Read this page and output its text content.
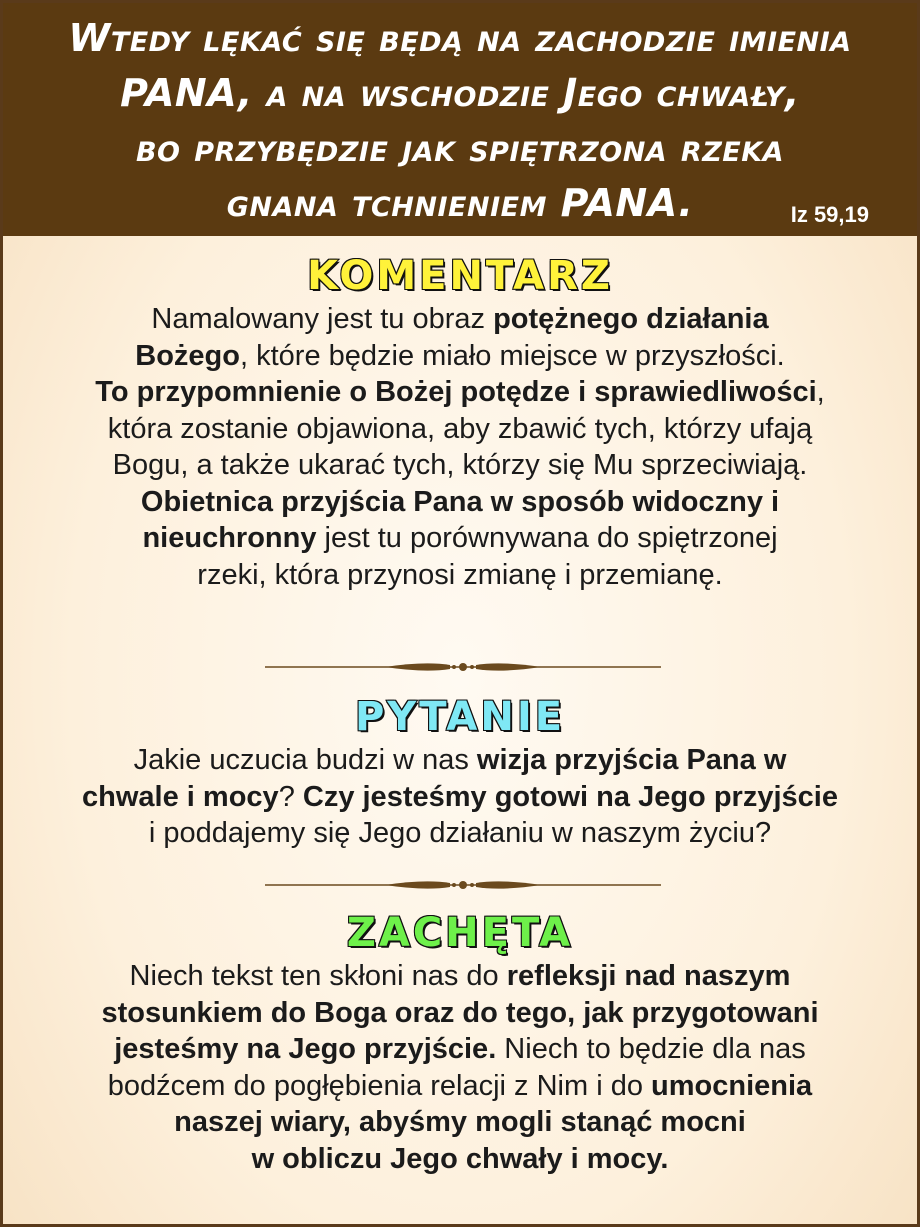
Wtedy lękać się będą na zachodzie imienia
PANA, a na wschodzie Jego chwały,
bo przybędzie jak spiętrzona rzeka
gnana tchnieniem PANA.	Iz 59,19
KOMENTARZ

Namalowany jest tu obraz potężnego działania
Bożego, które będzie miało miejsce w przyszłości.
To przypomnienie o Bożej potędze i sprawiedliwości,
która zostanie objawiona, aby zbawić tych, którzy ufają
Bogu, a także ukarać tych, którzy się Mu sprzeciwiają.
Obietnica przyjścia Pana w sposób widoczny i
nieuchronny jest tu porównywana do spiętrzonej
rzeki, która przynosi zmianę i przemianę.

PYTANIE

Jakie uczucia budzi w nas wizja przyjścia Pana w
chwale i mocy? Czy jesteśmy gotowi na Jego przyjście
i poddajemy się Jego działaniu w naszym życiu?

ZACHĘTA

Niech tekst ten skłoni nas do refleksji nad naszym
stosunkiem do Boga oraz do tego, jak przygotowani
jesteśmy na Jego przyjście. Niech to będzie dla nas
bodźcem do pogłębienia relacji z Nim i do umocnienia
naszej wiary, abyśmy mogli stanąć mocni
w obliczu Jego chwały i mocy.
